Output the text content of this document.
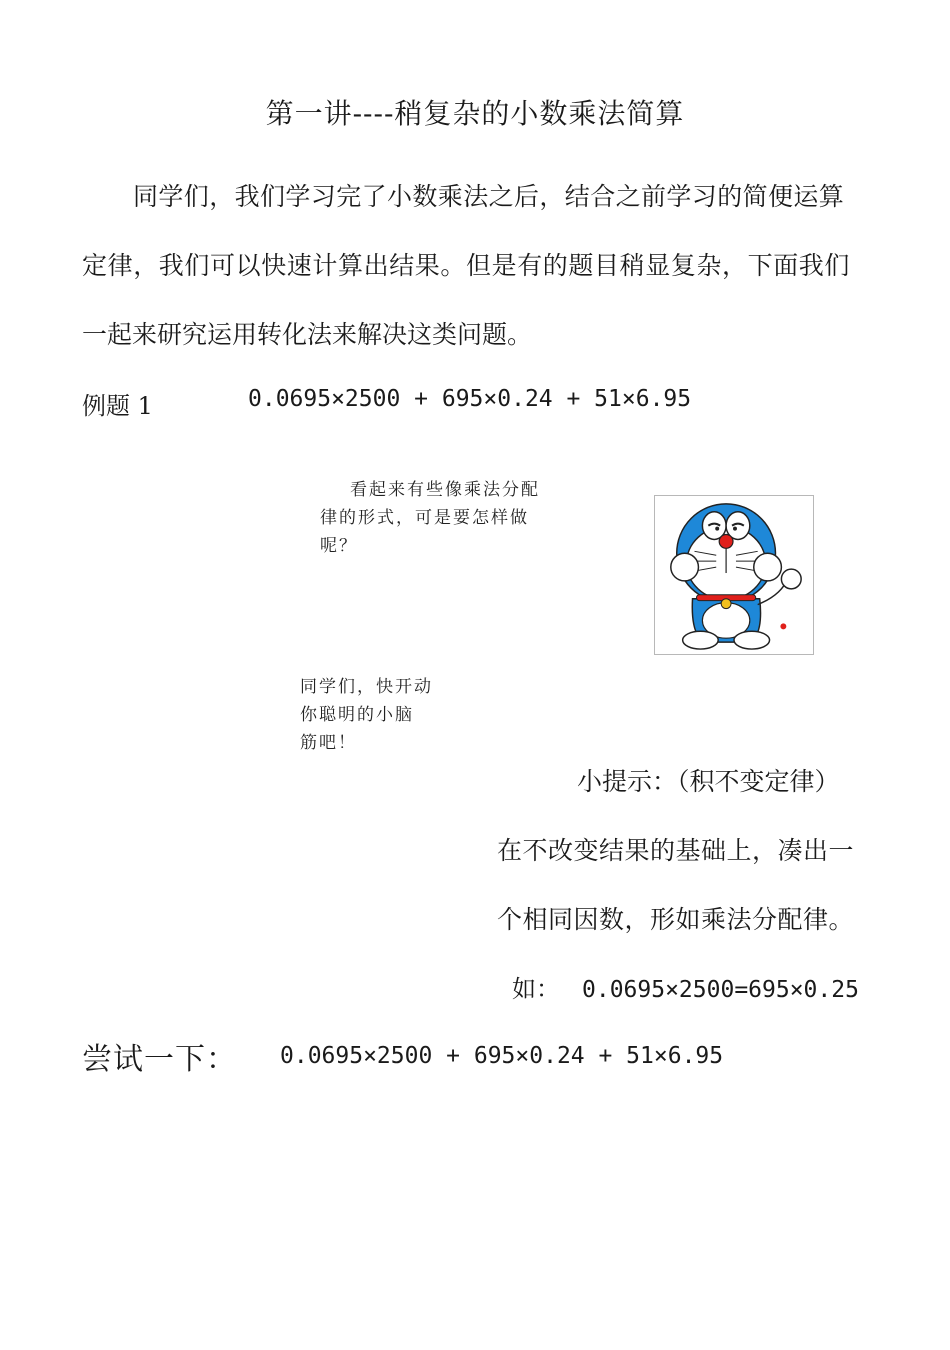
第一讲----稍复杂的小数乘法简算
同学们，我们学习完了小数乘法之后，结合之前学习的简便运算
定律，我们可以快速计算出结果。但是有的题目稍显复杂，下面我们
一起来研究运用转化法来解决这类问题。
例题 1	0.0695×2500 + 695×0.24 + 51×6.95
看起来有些像乘法分配
律的形式，可是要怎样做
呢？
同学们，快开动
你聪明的小脑
筋吧！
小提示：（积不变定律）
在不改变结果的基础上，凑出一
个相同因数，形如乘法分配律。
如： 0.0695×2500=695×0.25
尝试一下： 0.0695×2500 + 695×0.24 + 51×6.95
